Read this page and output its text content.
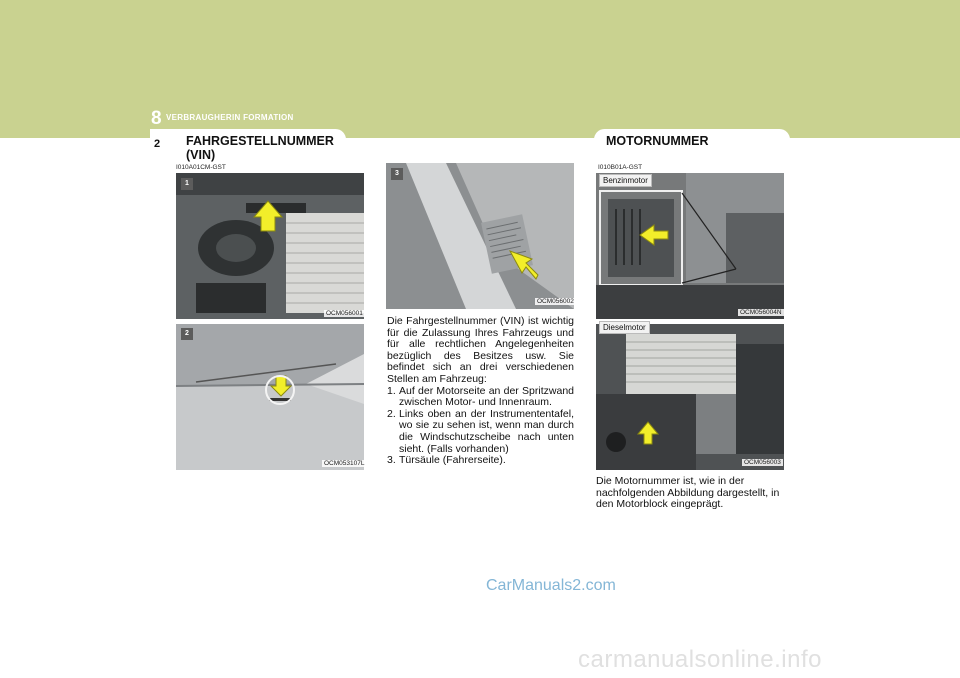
8 VERBRAUGHERIN FORMATION
2 FAHRGESTELLNUMMER (VIN)
MOTORNUMMER
I010A01CM-GST	I010B01A-GST
1
OCM056001
2
OCM053107L
3
OCM056002

Die Fahrgestellnummer (VIN) ist wichtig für die Zulassung Ihres Fahrzeugs und für alle rechtlichen Angelegenheiten bezüglich des Besitzes usw. Sie befindet sich an drei verschiedenen Stellen am Fahrzeug:

1. Auf der Motorseite an der Spritzwand zwischen Motor- und Innenraum.
2. Links oben an der Instrumententafel, wo sie zu sehen ist, wenn man durch die Windschutzscheibe nach unten sieht. (Falls vorhanden)
3. Türsäule (Fahrerseite).
Benzinmotor
OCM056004N
Dieselmotor
OCM056003
Die Motornummer ist, wie in der nachfolgenden Abbildung dargestellt, in den Motorblock eingeprägt.
CarManuals2.com
carmanualsonline.info
